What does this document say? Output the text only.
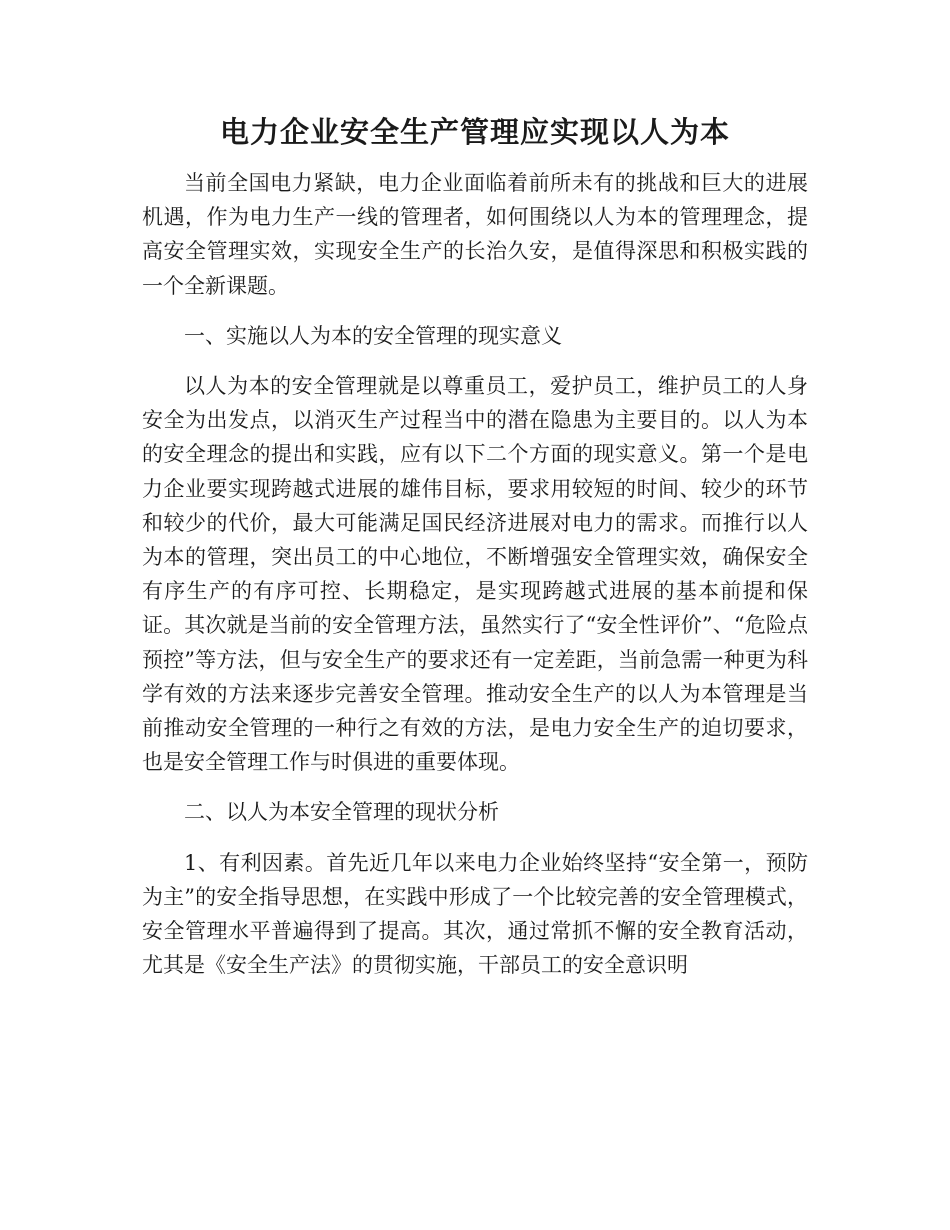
电力企业安全生产管理应实现以人为本

当前全国电力紧缺，电力企业面临着前所未有的挑战和巨大的进展机遇，作为电力生产一线的管理者，如何围绕以人为本的管理理念，提高安全管理实效，实现安全生产的长治久安，是值得深思和积极实践的一个全新课题。

一、实施以人为本的安全管理的现实意义

以人为本的安全管理就是以尊重员工，爱护员工，维护员工的人身安全为出发点，以消灭生产过程当中的潜在隐患为主要目的。以人为本的安全理念的提出和实践，应有以下二个方面的现实意义。第一个是电力企业要实现跨越式进展的雄伟目标，要求用较短的时间、较少的环节和较少的代价，最大可能满足国民经济进展对电力的需求。而推行以人为本的管理，突出员工的中心地位，不断增强安全管理实效，确保安全有序生产的有序可控、长期稳定，是实现跨越式进展的基本前提和保证。其次就是当前的安全管理方法，虽然实行了“安全性评价”、“危险点预控”等方法，但与安全生产的要求还有一定差距，当前急需一种更为科学有效的方法来逐步完善安全管理。推动安全生产的以人为本管理是当前推动安全管理的一种行之有效的方法，是电力安全生产的迫切要求，也是安全管理工作与时俱进的重要体现。

二、以人为本安全管理的现状分析

1、有利因素。首先近几年以来电力企业始终坚持“安全第一，预防为主”的安全指导思想，在实践中形成了一个比较完善的安全管理模式，安全管理水平普遍得到了提高。其次，通过常抓不懈的安全教育活动，尤其是《安全生产法》的贯彻实施，干部员工的安全意识明
